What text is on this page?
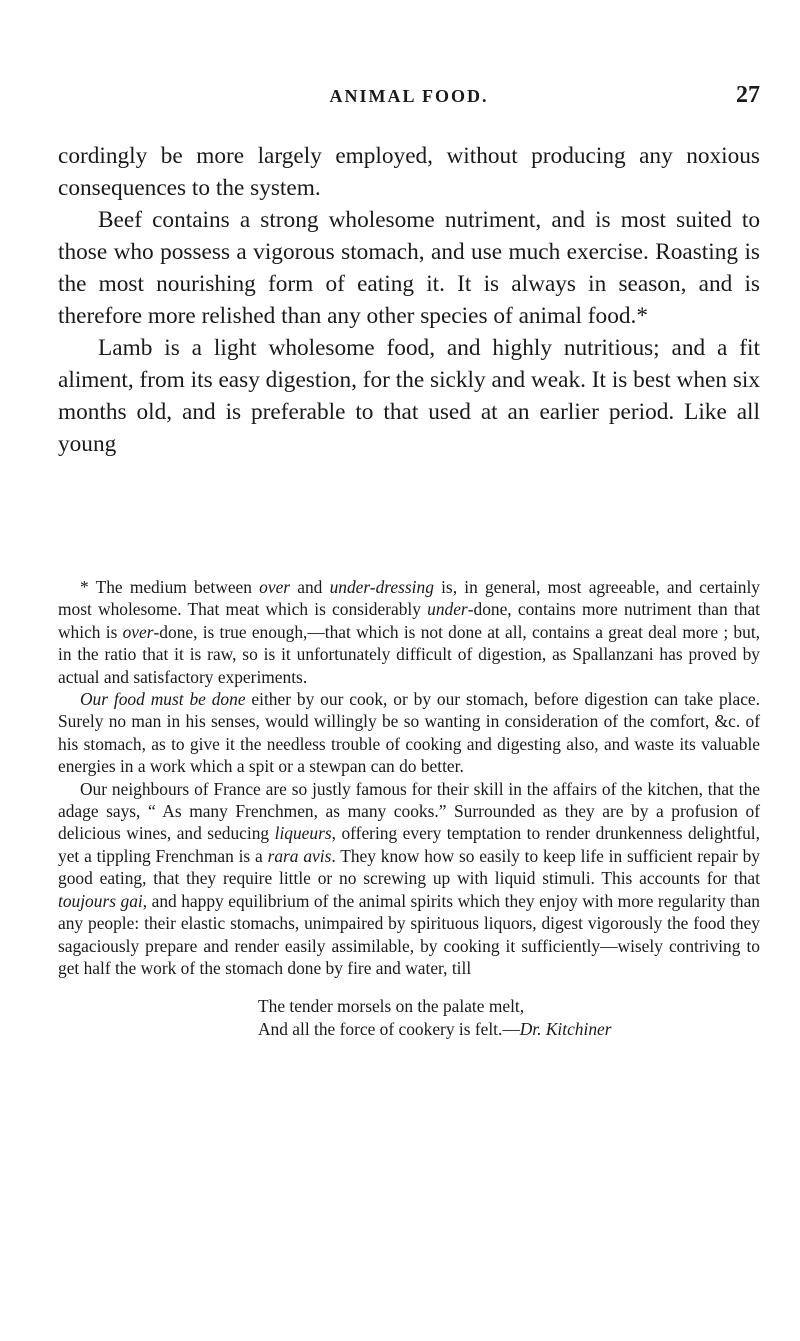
ANIMAL FOOD.	27

cordingly be more largely employed, without producing any noxious consequences to the system.

Beef contains a strong wholesome nutriment, and is most suited to those who possess a vigorous stomach, and use much exercise. Roasting is the most nourishing form of eating it. It is always in season, and is therefore more relished than any other species of animal food.*

Lamb is a light wholesome food, and highly nutritious; and a fit aliment, from its easy digestion, for the sickly and weak. It is best when six months old, and is preferable to that used at an earlier period. Like all young

* The medium between over and under-dressing is, in general, most agreeable, and certainly most wholesome. That meat which is considerably under-done, contains more nutriment than that which is over-done, is true enough,—that which is not done at all, contains a great deal more ; but, in the ratio that it is raw, so is it unfortunately difficult of digestion, as Spallanzani has proved by actual and satisfactory experiments.

Our food must be done either by our cook, or by our stomach, before digestion can take place. Surely no man in his senses, would willingly be so wanting in consideration of the comfort, &c. of his stomach, as to give it the needless trouble of cooking and digesting also, and waste its valuable energies in a work which a spit or a stewpan can do better.

Our neighbours of France are so justly famous for their skill in the affairs of the kitchen, that the adage says, “ As many Frenchmen, as many cooks.” Surrounded as they are by a profusion of delicious wines, and seducing liqueurs, offering every temptation to render drunkenness delightful, yet a tippling Frenchman is a rara avis. They know how so easily to keep life in sufficient repair by good eating, that they require little or no screwing up with liquid stimuli. This accounts for that toujours gai, and happy equilibrium of the animal spirits which they enjoy with more regularity than any people: their elastic stomachs, unimpaired by spirituous liquors, digest vigorously the food they sagaciously prepare and render easily assimilable, by cooking it sufficiently—wisely contriving to get half the work of the stomach done by fire and water, till

The tender morsels on the palate melt,
And all the force of cookery is felt.—Dr. Kitchiner
